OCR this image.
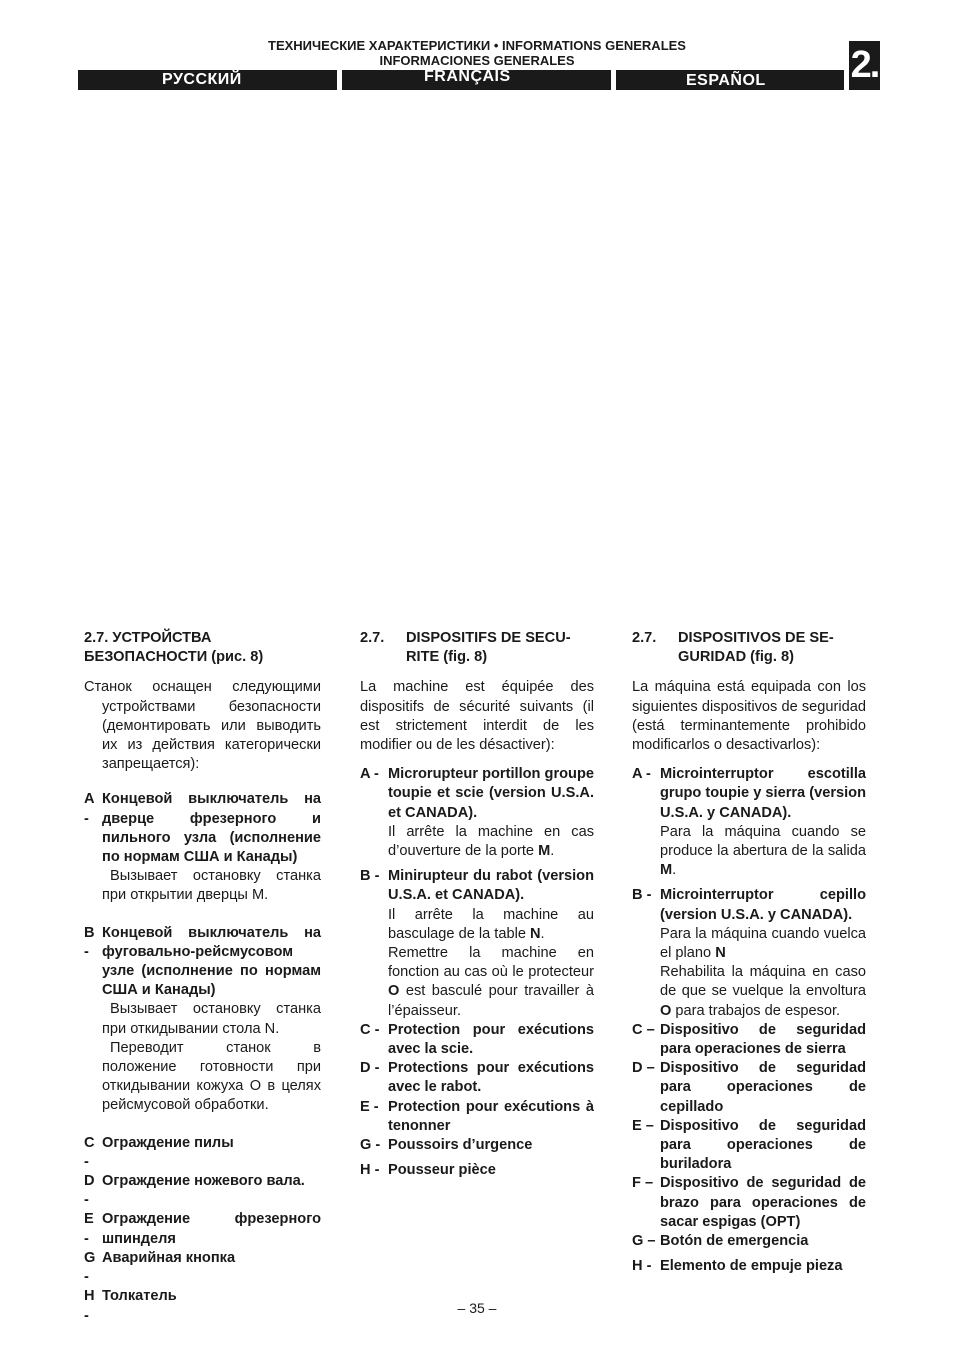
ТЕХНИЧЕСКИЕ ХАРАКТЕРИСТИКИ • INFORMATIONS GENERALES
INFORMACIONES GENERALES
РУССКИЙ	FRANÇAIS	ESPAÑOL	2.
2.7. УСТРОЙСТВА
БЕЗОПАСНОСТИ (рис. 8)

Станок оснащен следующими устройствами безопасности (демонтировать или выводить их из действия категорически запрещается):

A -
Концевой выключатель на дверце фрезерного и пильного узла (исполнение по нормам США и Канады)
Вызывает остановку станка при открытии дверцы М.
B -
Концевой выключатель на фуговально-рейсмусовом узле (исполнение по нормам США и Канады)
Вызывает остановку станка при откидывании стола N.
Переводит станок в положение готовности при откидывании кожуха O в целях рейсмусовой обработки.
C -
Ограждение пилы
D -
Ограждение ножевого вала.
E -
Ограждение фрезерного шпинделя
G -
Аварийная кнопка
H -
Толкатель
2.7.	DISPOSITIFS DE SECU-RITE (fig. 8)

La machine est équipée des dispositifs de sécurité suivants (il est strictement interdit de les modifier ou de les désactiver):

A - Microrupteur portillon groupe toupie et scie (version U.S.A. et CANADA).
Il arrête la machine en cas d’ouverture de la porte M.
B - Minirupteur du rabot (version U.S.A. et CANADA).
Il arrête la machine au basculage de la table N.
Remettre la machine en fonction au cas où le protecteur O est basculé pour travailler à l’épaisseur.
C - Protection pour exécutions avec la scie.
D - Protections pour exécutions avec le rabot.
E - Protection pour exécutions à tenonner
G - Poussoirs d’urgence
H - Pousseur pièce
2.7.	DISPOSITIVOS DE SE-GURIDAD (fig. 8)

La máquina está equipada con los siguientes dispositivos de seguridad (está terminantemente prohibido modificarlos o desactivarlos):

A - Microinterruptor escotilla grupo toupie y sierra (version U.S.A. y CANADA).
Para la máquina cuando se produce la abertura de la salida M.
B - Microinterruptor cepillo (version U.S.A. y CANADA).
Para la máquina cuando vuelca el plano N
Rehabilita la máquina en caso de que se vuelque la envoltura O para trabajos de espesor.
C – Dispositivo de seguridad para operaciones de sierra
D – Dispositivo de seguridad para operaciones de cepillado
E – Dispositivo de seguridad para operaciones de buriladora
F – Dispositivo de seguridad de brazo para operaciones de sacar espigas (OPT)
G – Botón de emergencia
H - Elemento de empuje pieza
– 35 –
